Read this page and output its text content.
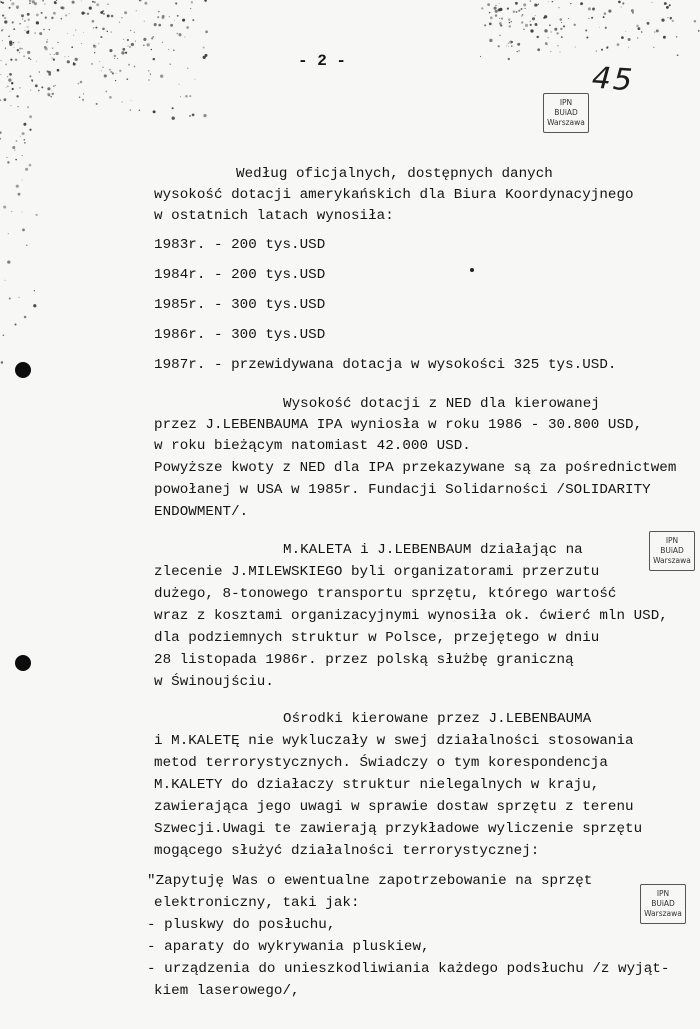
- 2 -	45
IPN
BUiAD
Warszawa
IPN
BUiAD
Warszawa
IPN
BUiAD
Warszawa
Według oficjalnych, dostępnych danych
wysokość dotacji amerykańskich dla Biura Koordynacyjnego
w ostatnich latach wynosiła:
1983r. - 200 tys.USD
1984r. - 200 tys.USD
1985r. - 300 tys.USD
1986r. - 300 tys.USD
1987r. - przewidywana dotacja w wysokości 325 tys.USD.
Wysokość dotacji z NED dla kierowanej
przez J.LEBENBAUMA IPA wyniosła w roku 1986 - 30.800 USD,
w roku bieżącym natomiast 42.000 USD.
Powyższe kwoty z NED dla IPA przekazywane są za pośrednictwem
powołanej w USA w 1985r. Fundacji Solidarności /SOLIDARITY
ENDOWMENT/.
M.KALETA i J.LEBENBAUM działając na
zlecenie J.MILEWSKIEGO byli organizatorami przerzutu
dużego, 8-tonowego transportu sprzętu, którego wartość
wraz z kosztami organizacyjnymi wynosiła ok. ćwierć mln USD,
dla podziemnych struktur w Polsce, przejętego w dniu
28 listopada 1986r. przez polską służbę graniczną
w Świnoujściu.
Ośrodki kierowane przez J.LEBENBAUMA
i M.KALETĘ nie wykluczały w swej działalności stosowania
metod terrorystycznych. Świadczy o tym korespondencja
M.KALETY do działaczy struktur nielegalnych w kraju,
zawierająca jego uwagi w sprawie dostaw sprzętu z terenu
Szwecji.Uwagi te zawierają przykładowe wyliczenie sprzętu
mogącego służyć działalności terrorystycznej:
"Zapytuję Was o ewentualne zapotrzebowanie na sprzęt
elektroniczny, taki jak:
- pluskwy do posłuchu,
- aparaty do wykrywania pluskiew,
- urządzenia do unieszkodliwiania każdego podsłuchu /z wyjąt-
kiem laserowego/,
